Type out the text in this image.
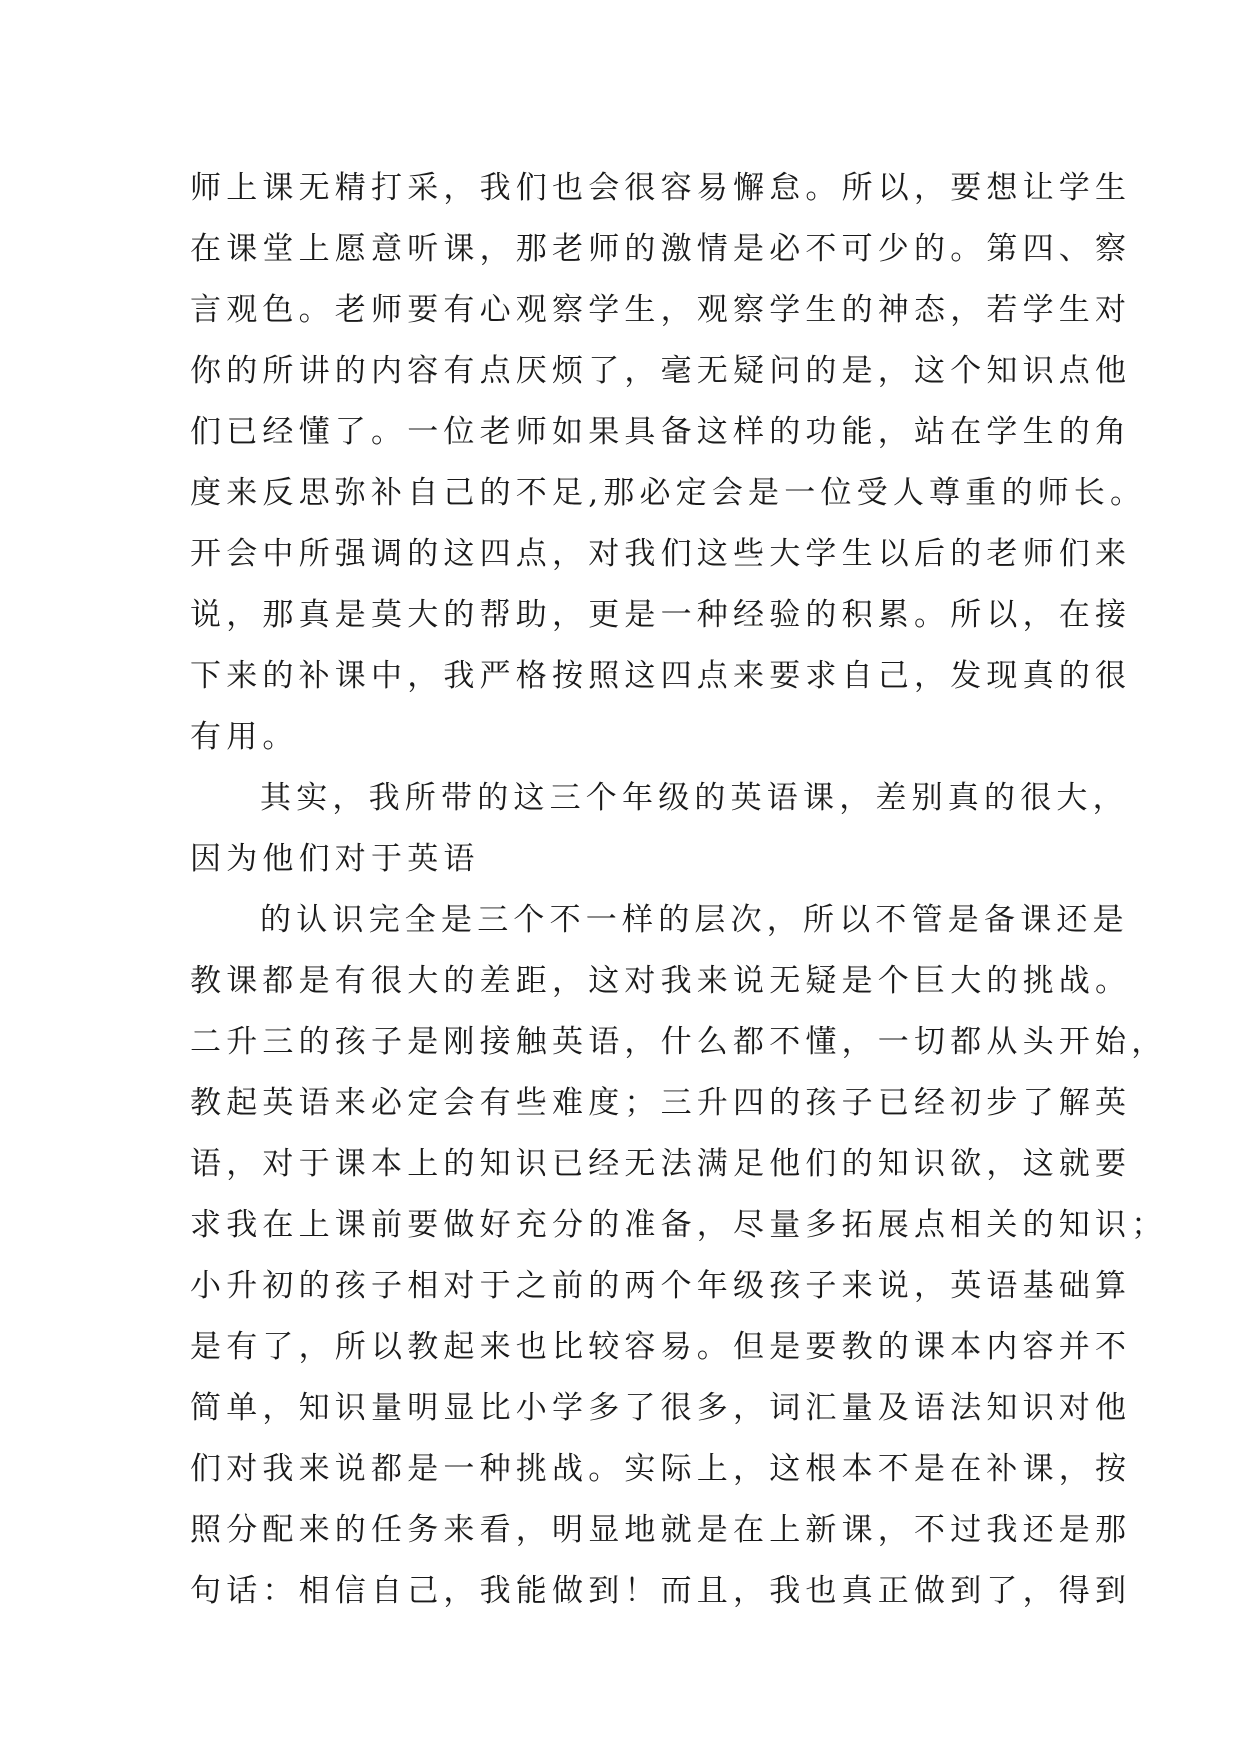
师上课无精打采，我们也会很容易懈怠。所以，要想让学生
在课堂上愿意听课，那老师的激情是必不可少的。第四、察
言观色。老师要有心观察学生，观察学生的神态，若学生对
你的所讲的内容有点厌烦了，毫无疑问的是，这个知识点他
们已经懂了。一位老师如果具备这样的功能，站在学生的角
度来反思弥补自己的不足,那必定会是一位受人尊重的师长。
开会中所强调的这四点，对我们这些大学生以后的老师们来
说，那真是莫大的帮助，更是一种经验的积累。所以，在接
下来的补课中，我严格按照这四点来要求自己，发现真的很
有用。
其实，我所带的这三个年级的英语课，差别真的很大，
因为他们对于英语
的认识完全是三个不一样的层次，所以不管是备课还是
教课都是有很大的差距，这对我来说无疑是个巨大的挑战。
二升三的孩子是刚接触英语，什么都不懂，一切都从头开始，
教起英语来必定会有些难度；三升四的孩子已经初步了解英
语，对于课本上的知识已经无法满足他们的知识欲，这就要
求我在上课前要做好充分的准备，尽量多拓展点相关的知识；
小升初的孩子相对于之前的两个年级孩子来说，英语基础算
是有了，所以教起来也比较容易。但是要教的课本内容并不
简单，知识量明显比小学多了很多，词汇量及语法知识对他
们对我来说都是一种挑战。实际上，这根本不是在补课，按
照分配来的任务来看，明显地就是在上新课，不过我还是那
句话：相信自己，我能做到！而且，我也真正做到了，得到
